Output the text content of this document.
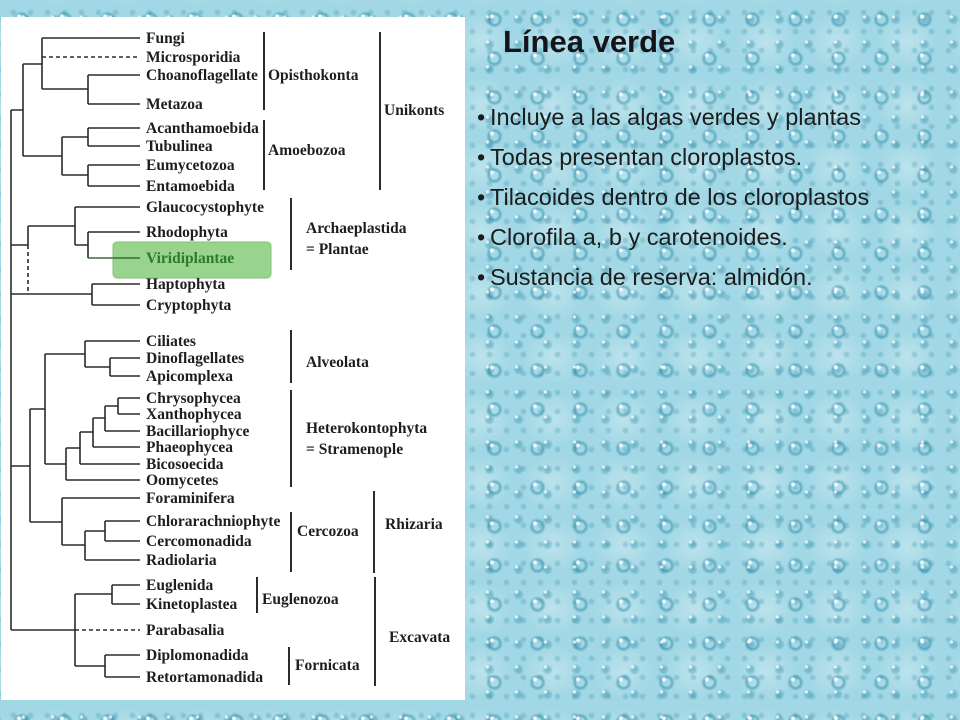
Fungi
Microsporidia
Choanoflagellate
Metazoa
Acanthamoebida
Tubulinea
Eumycetozoa
Entamoebida
Glaucocystophyte
Rhodophyta
Viridiplantae
Haptophyta
Cryptophyta
Ciliates
Dinoflagellates
Apicomplexa
Chrysophycea
Xanthophycea
Bacillariophyce
Phaeophycea
Bicosoecida
Oomycetes
Foraminifera
Chlorarachniophyte
Cercomonadida
Radiolaria
Euglenida
Kinetoplastea
Parabasalia
Diplomonadida
Retortamonadida
Opisthokonta
Amoebozoa
Unikonts
Archaeplastida
= Plantae
Alveolata
Heterokontophyta
= Stramenople
Cercozoa Rhizaria
Euglenozoa
Fornicata
Excavata
Línea verde
• Incluye a las algas verdes y plantas
• Todas presentan cloroplastos.
• Tilacoides dentro de los cloroplastos
• Clorofila a, b y carotenoides.
• Sustancia de reserva: almidón.
